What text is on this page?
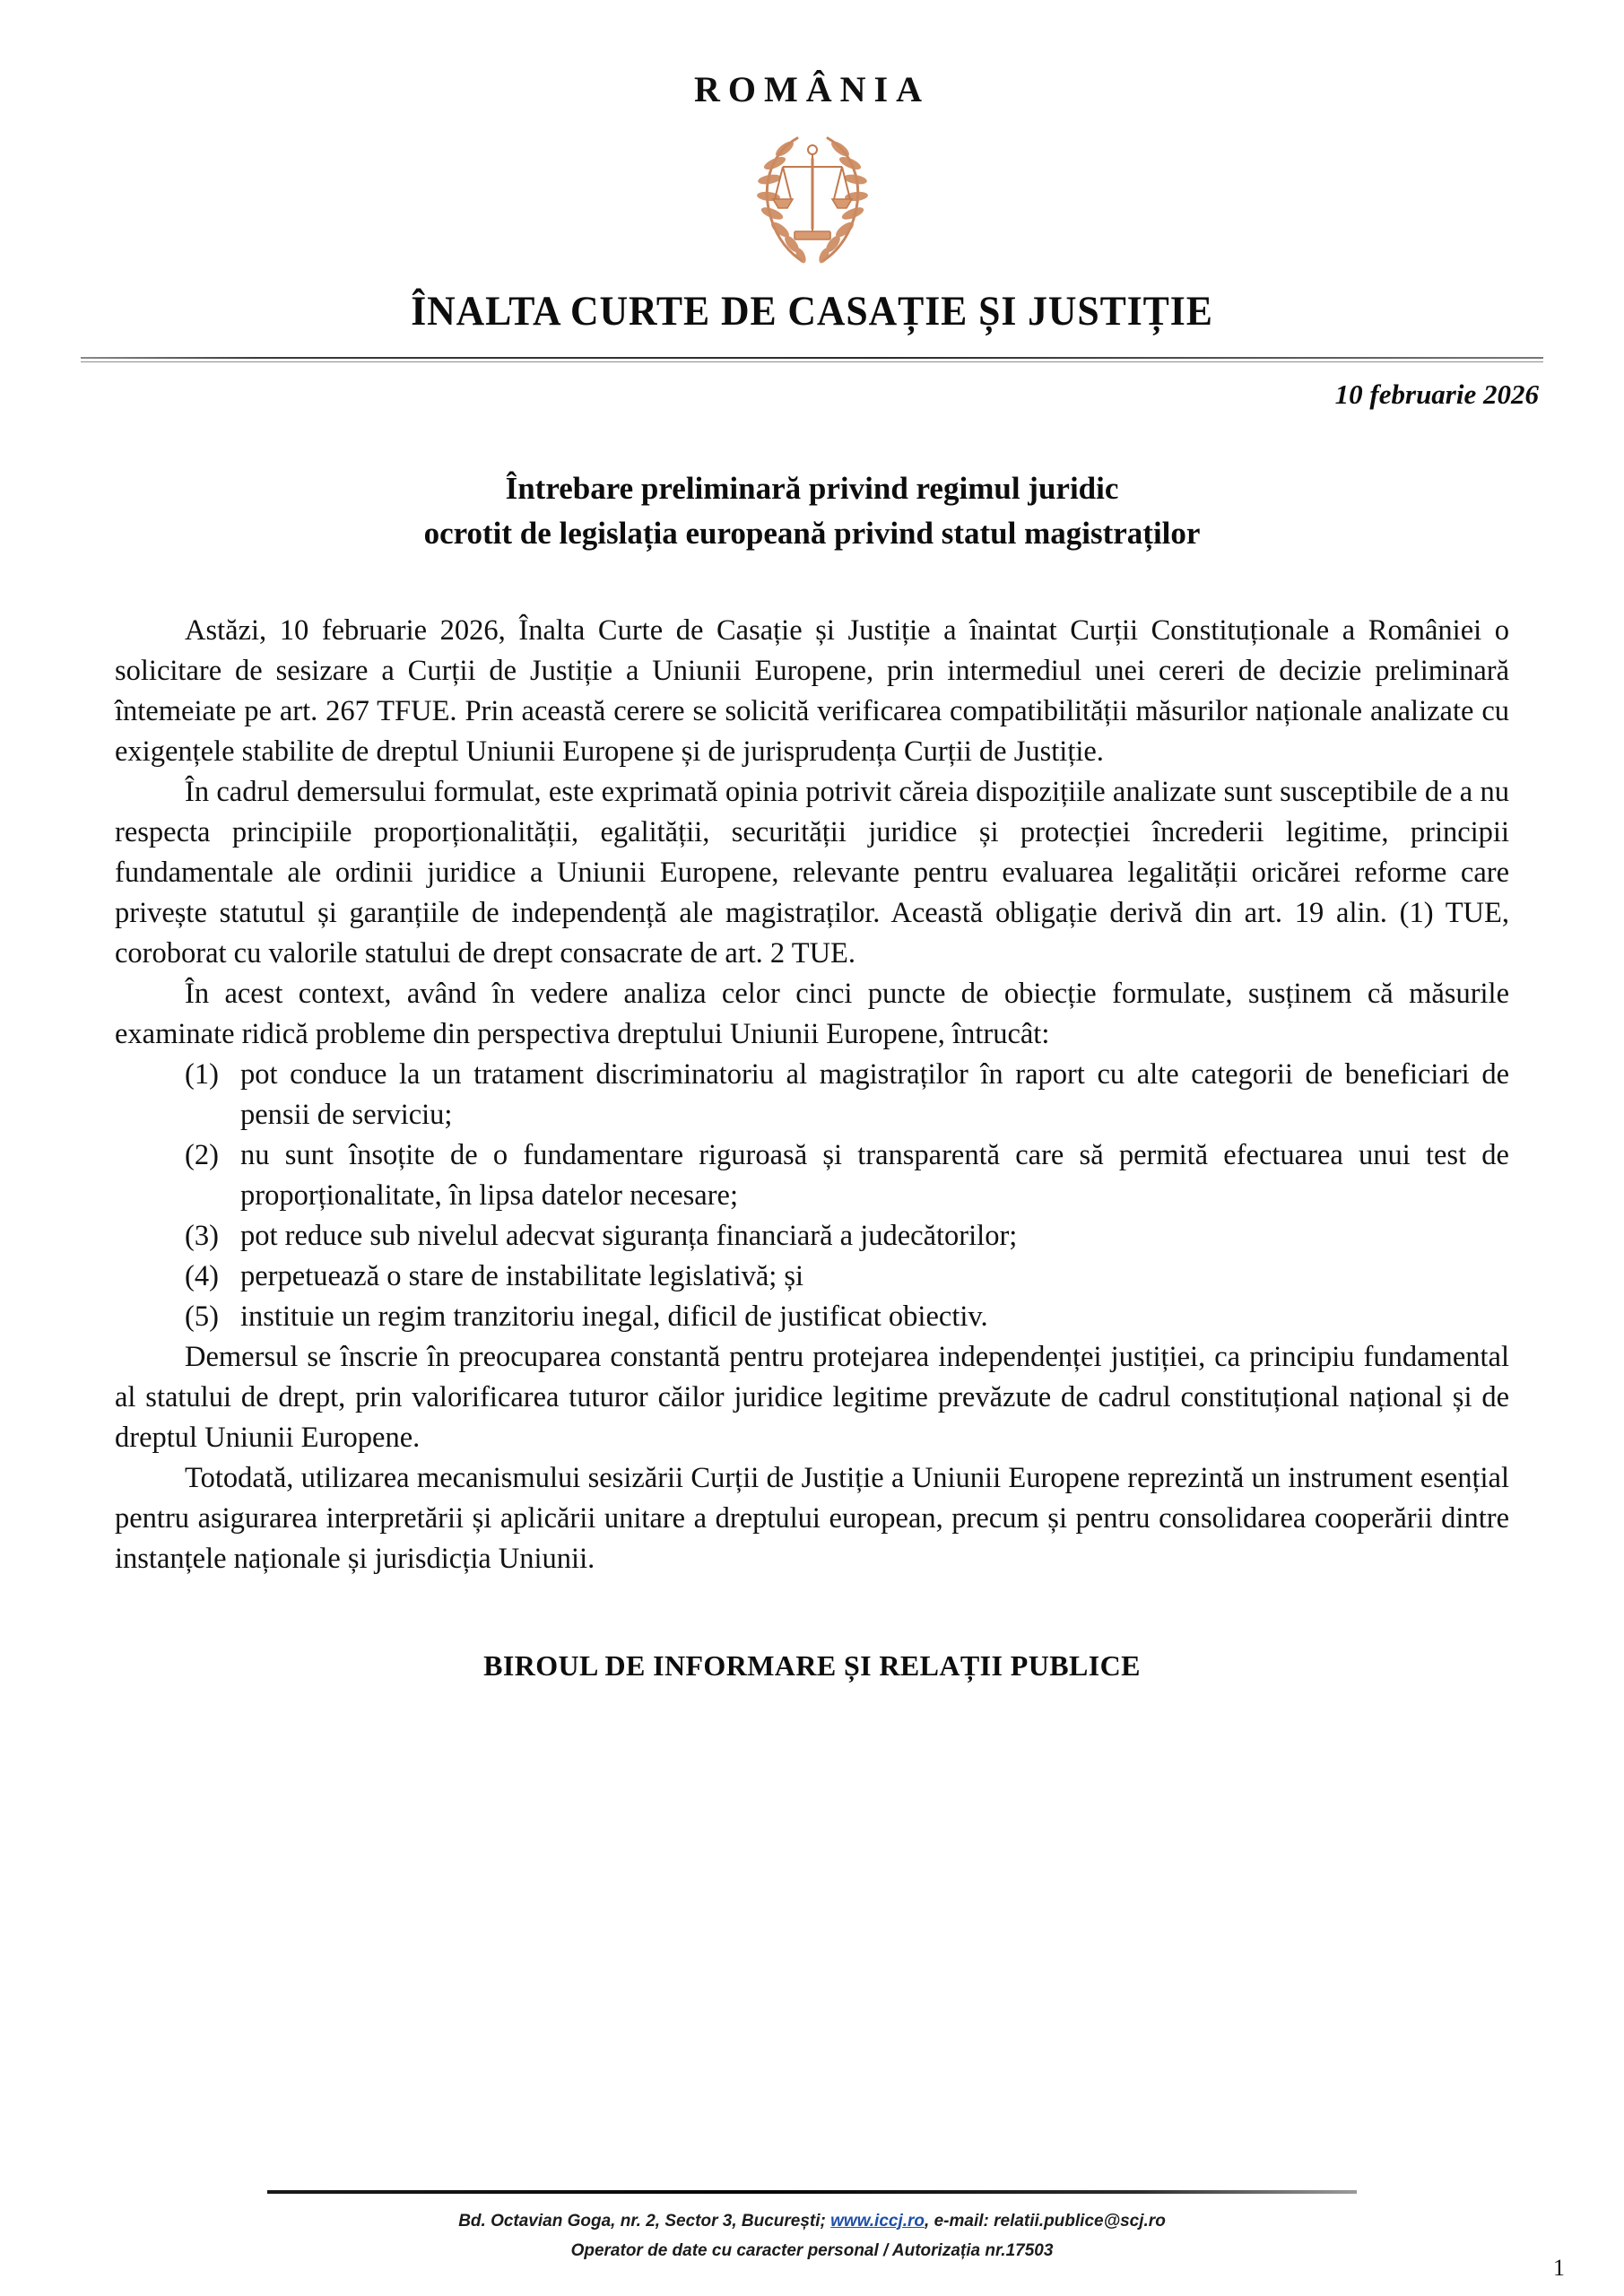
ROMÂNIA
ÎNALTA CURTE DE CASAȚIE ȘI JUSTIȚIE
10 februarie 2026
Întrebare preliminară privind regimul juridic
ocrotit de legislația europeană privind statul magistraților

Astăzi, 10 februarie 2026, Înalta Curte de Casație și Justiție a înaintat Curții Constituționale a României o solicitare de sesizare a Curții de Justiție a Uniunii Europene, prin intermediul unei cereri de decizie preliminară întemeiate pe art. 267 TFUE. Prin această cerere se solicită verificarea compatibilității măsurilor naționale analizate cu exigențele stabilite de dreptul Uniunii Europene și de jurisprudența Curții de Justiție.

În cadrul demersului formulat, este exprimată opinia potrivit căreia dispozițiile analizate sunt susceptibile de a nu respecta principiile proporționalității, egalității, securității juridice și protecției încrederii legitime, principii fundamentale ale ordinii juridice a Uniunii Europene, relevante pentru evaluarea legalității oricărei reforme care privește statutul și garanțiile de independență ale magistraților. Această obligație derivă din art. 19 alin. (1) TUE, coroborat cu valorile statului de drept consacrate de art. 2 TUE.

În acest context, având în vedere analiza celor cinci puncte de obiecție formulate, susținem că măsurile examinate ridică probleme din perspectiva dreptului Uniunii Europene, întrucât:

(1) pot conduce la un tratament discriminatoriu al magistraților în raport cu alte categorii de beneficiari de pensii de serviciu;
(2) nu sunt însoțite de o fundamentare riguroasă și transparentă care să permită efectuarea unui test de proporționalitate, în lipsa datelor necesare;
(3) pot reduce sub nivelul adecvat siguranța financiară a judecătorilor;
(4) perpetuează o stare de instabilitate legislativă; și
(5) instituie un regim tranzitoriu inegal, dificil de justificat obiectiv.

Demersul se înscrie în preocuparea constantă pentru protejarea independenței justiției, ca principiu fundamental al statului de drept, prin valorificarea tuturor căilor juridice legitime prevăzute de cadrul constituțional național și de dreptul Uniunii Europene.

Totodată, utilizarea mecanismului sesizării Curții de Justiție a Uniunii Europene reprezintă un instrument esențial pentru asigurarea interpretării și aplicării unitare a dreptului european, precum și pentru consolidarea cooperării dintre instanțele naționale și jurisdicția Uniunii.

BIROUL DE INFORMARE ȘI RELAȚII PUBLICE
Bd. Octavian Goga, nr. 2, Sector 3, București; www.iccj.ro, e-mail: relatii.publice@scj.ro
Operator de date cu caracter personal / Autorizația nr.17503
1
